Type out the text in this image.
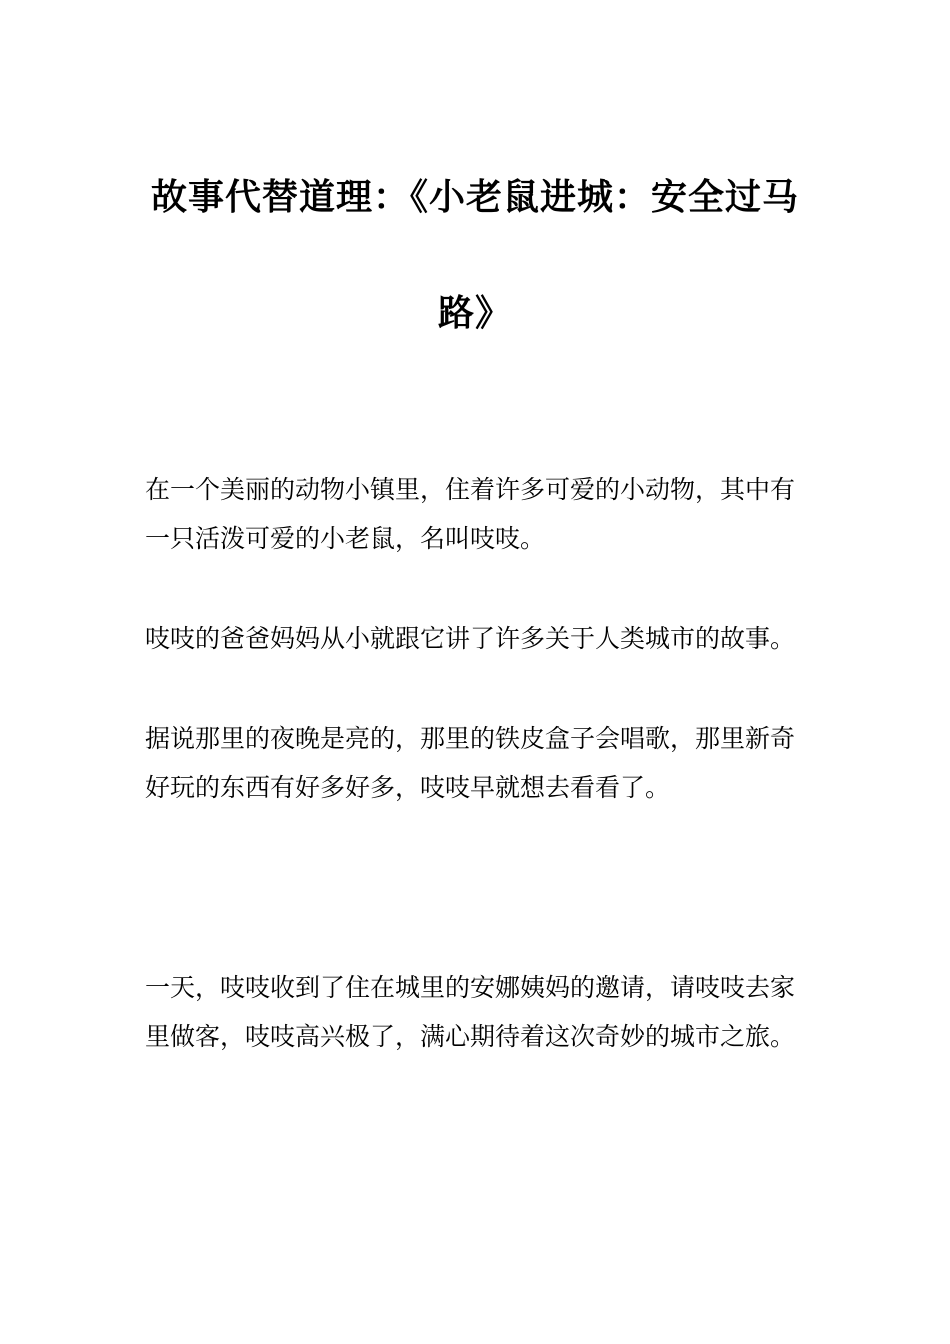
故事代替道理：《小老鼠进城：安全过马路》

在一个美丽的动物小镇里，住着许多可爱的小动物，其中有一只活泼可爱的小老鼠，名叫吱吱。

吱吱的爸爸妈妈从小就跟它讲了许多关于人类城市的故事。

据说那里的夜晚是亮的，那里的铁皮盒子会唱歌，那里新奇好玩的东西有好多好多，吱吱早就想去看看了。

一天，吱吱收到了住在城里的安娜姨妈的邀请，请吱吱去家里做客，吱吱高兴极了，满心期待着这次奇妙的城市之旅。
